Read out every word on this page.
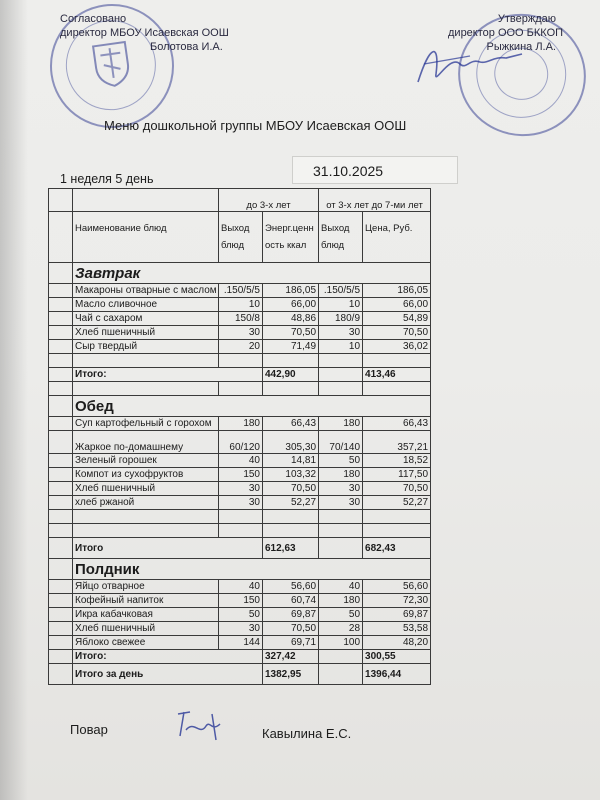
Согласовано
директор МБОУ Исаевская ООШ
Болотова И.А.
Утверждаю
директор ООО БККОП
Рыжкина Л.А.
Меню дошкольной группы МБОУ Исаевская ООШ
1 неделя 5 день	31.10.2025
		до 3-х лет		от 3-х лет до 7-ми лет	
	Наименование блюд	Выход блюд	Энерг.ценн ость ккал	Выход блюд	Цена, Руб.
	Завтрак				
	Макароны отварные с маслом	.150/5/5	186,05	.150/5/5	186,05
	Масло сливочное	10	66,00	10	66,00
	Чай с сахаром	150/8	48,86	180/9	54,89
	Хлеб пшеничный	30	70,50	30	70,50
	Сыр твердый	20	71,49	10	36,02

	Итого:		442,90		413,46

	Обед				
	Суп картофельный с горохом	180	66,43	180	66,43
	Жаркое по-домашнему	60/120	305,30	70/140	357,21
	Зеленый горошек	40	14,81	50	18,52
	Компот из сухофруктов	150	103,32	180	117,50
	Хлеб пшеничный	30	70,50	30	70,50
	хлеб ржаной	30	52,27	30	52,27

	Итого		612,63		682,43
	Полдник				
	Яйцо отварное	40	56,60	40	56,60
	Кофейный напиток	150	60,74	180	72,30
	Икра кабачковая	50	69,87	50	69,87
	Хлеб пшеничный	30	70,50	28	53,58
	Яблоко свежее	144	69,71	100	48,20
	Итого:		327,42		300,55
	Итого за день		1382,95		1396,44
Повар	Кавылина Е.С.
